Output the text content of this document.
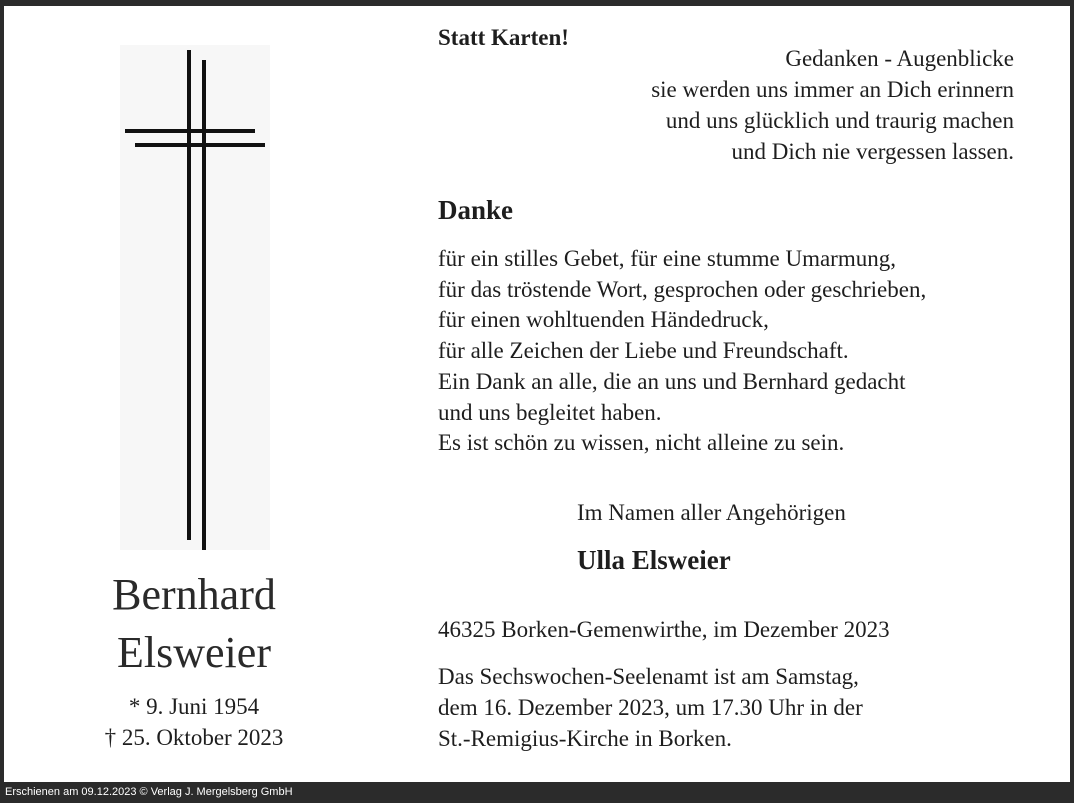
Bernhard
Elsweier
* 9. Juni 1954
† 25. Oktober 2023
Statt Karten!
Gedanken - Augenblicke
sie werden uns immer an Dich erinnern
und uns glücklich und traurig machen
und Dich nie vergessen lassen.
Danke
für ein stilles Gebet, für eine stumme Umarmung,
für das tröstende Wort, gesprochen oder geschrieben,
für einen wohltuenden Händedruck,
für alle Zeichen der Liebe und Freundschaft.
Ein Dank an alle, die an uns und Bernhard gedacht
und uns begleitet haben.
Es ist schön zu wissen, nicht alleine zu sein.
Im Namen aller Angehörigen
Ulla Elsweier
46325 Borken-Gemenwirthe, im Dezember 2023
Das Sechswochen-Seelenamt ist am Samstag,
dem 16. Dezember 2023, um 17.30 Uhr in der
St.-Remigius-Kirche in Borken.
Erschienen am 09.12.2023 © Verlag J. Mergelsberg GmbH
